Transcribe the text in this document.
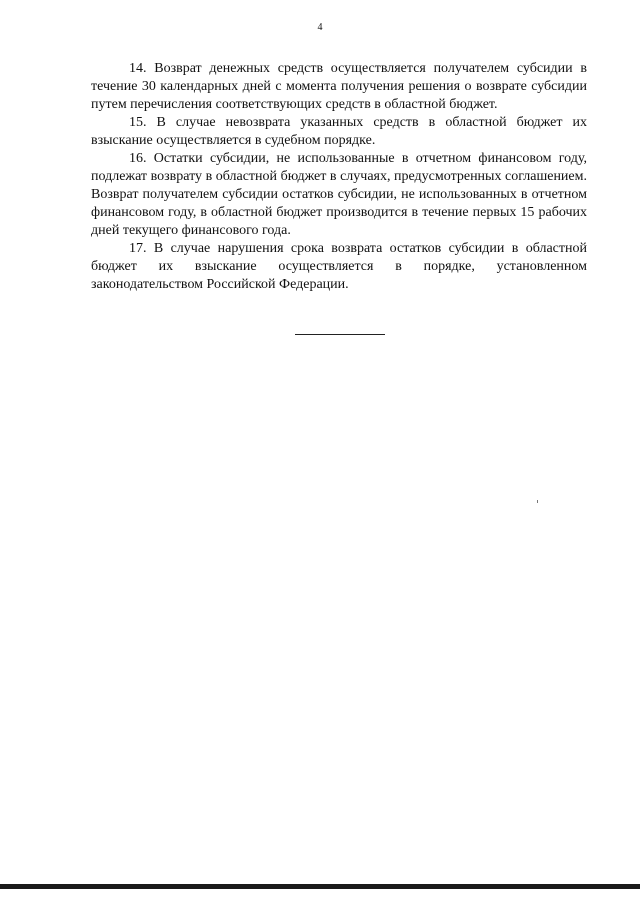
4

14. Возврат денежных средств осуществляется получателем субсидии в течение 30 календарных дней с момента получения решения о возврате субсидии путем перечисления соответствующих средств в областной бюджет.

15. В случае невозврата указанных средств в областной бюджет их взыскание осуществляется в судебном порядке.

16. Остатки субсидии, не использованные в отчетном финансовом году, подлежат возврату в областной бюджет в случаях, предусмотренных соглашением. Возврат получателем субсидии остатков субсидии, не использованных в отчетном финансовом году, в областной бюджет производится в течение первых 15 рабочих дней текущего финансового года.

17. В случае нарушения срока возврата остатков субсидии в областной бюджет их взыскание осуществляется в порядке, установленном законодательством Российской Федерации.
